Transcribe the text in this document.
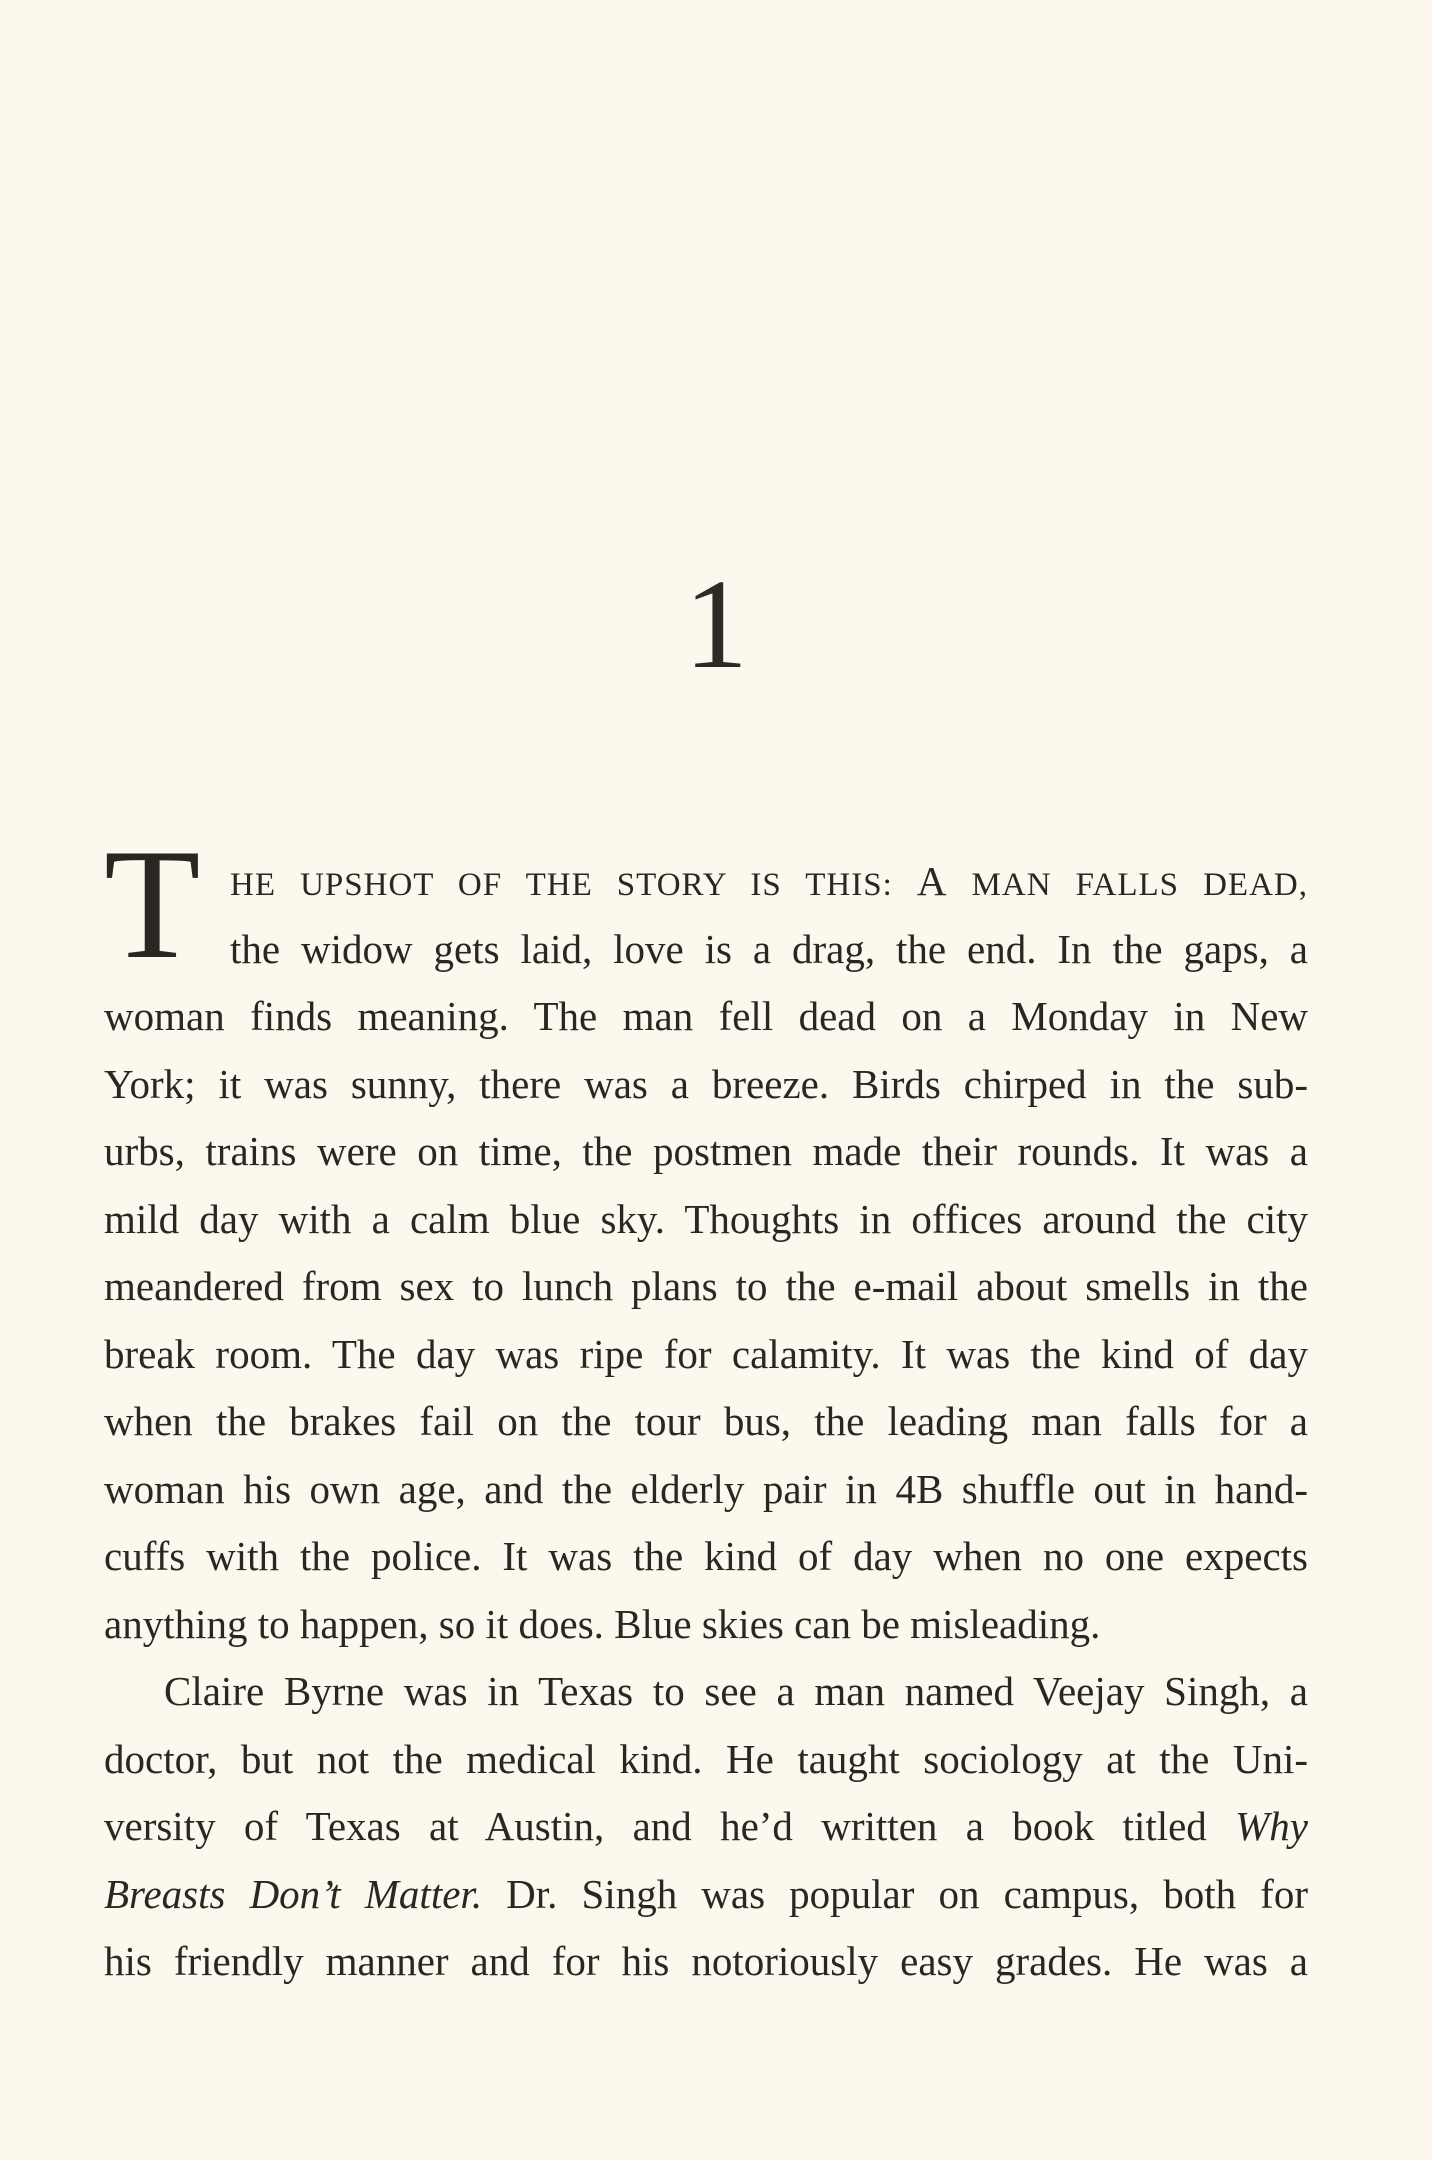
1
T HE UPSHOT OF THE STORY IS THIS: A MAN FALLS DEAD,
the widow gets laid, love is a drag, the end. In the gaps, a
woman finds meaning. The man fell dead on a Monday in New
York; it was sunny, there was a breeze. Birds chirped in the sub-
urbs, trains were on time, the postmen made their rounds. It was a
mild day with a calm blue sky. Thoughts in offices around the city
meandered from sex to lunch plans to the e-mail about smells in the
break room. The day was ripe for calamity. It was the kind of day
when the brakes fail on the tour bus, the leading man falls for a
woman his own age, and the elderly pair in 4B shuffle out in hand-
cuffs with the police. It was the kind of day when no one expects
anything to happen, so it does. Blue skies can be misleading.
Claire Byrne was in Texas to see a man named Veejay Singh, a
doctor, but not the medical kind. He taught sociology at the Uni-
versity of Texas at Austin, and he’d written a book titled Why
Breasts Don’t Matter. Dr. Singh was popular on campus, both for
his friendly manner and for his notoriously easy grades. He was a
